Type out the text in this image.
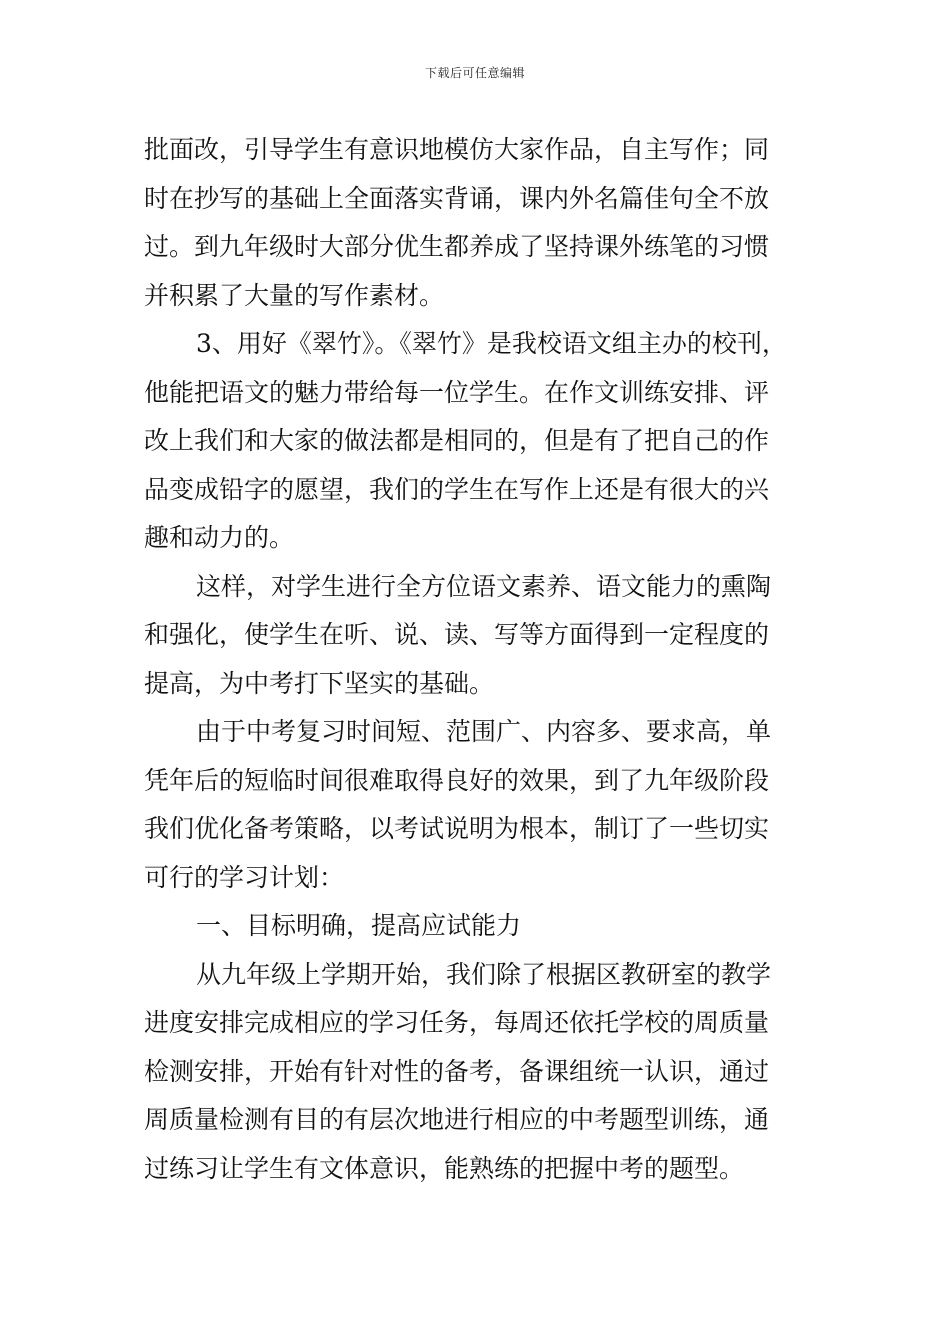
下载后可任意编辑
批面改，引导学生有意识地模仿大家作品，自主写作；同
时在抄写的基础上全面落实背诵，课内外名篇佳句全不放
过。到九年级时大部分优生都养成了坚持课外练笔的习惯
并积累了大量的写作素材。
3、用好《翠竹》。《翠竹》是我校语文组主办的校刊，
他能把语文的魅力带给每一位学生。在作文训练安排、评
改上我们和大家的做法都是相同的，但是有了把自己的作
品变成铅字的愿望，我们的学生在写作上还是有很大的兴
趣和动力的。
这样，对学生进行全方位语文素养、语文能力的熏陶
和强化，使学生在听、说、读、写等方面得到一定程度的
提高，为中考打下坚实的基础。
由于中考复习时间短、范围广、内容多、要求高，单
凭年后的短临时间很难取得良好的效果，到了九年级阶段
我们优化备考策略，以考试说明为根本，制订了一些切实
可行的学习计划：
一、目标明确，提高应试能力
从九年级上学期开始，我们除了根据区教研室的教学
进度安排完成相应的学习任务，每周还依托学校的周质量
检测安排，开始有针对性的备考，备课组统一认识，通过
周质量检测有目的有层次地进行相应的中考题型训练，通
过练习让学生有文体意识，能熟练的把握中考的题型。
